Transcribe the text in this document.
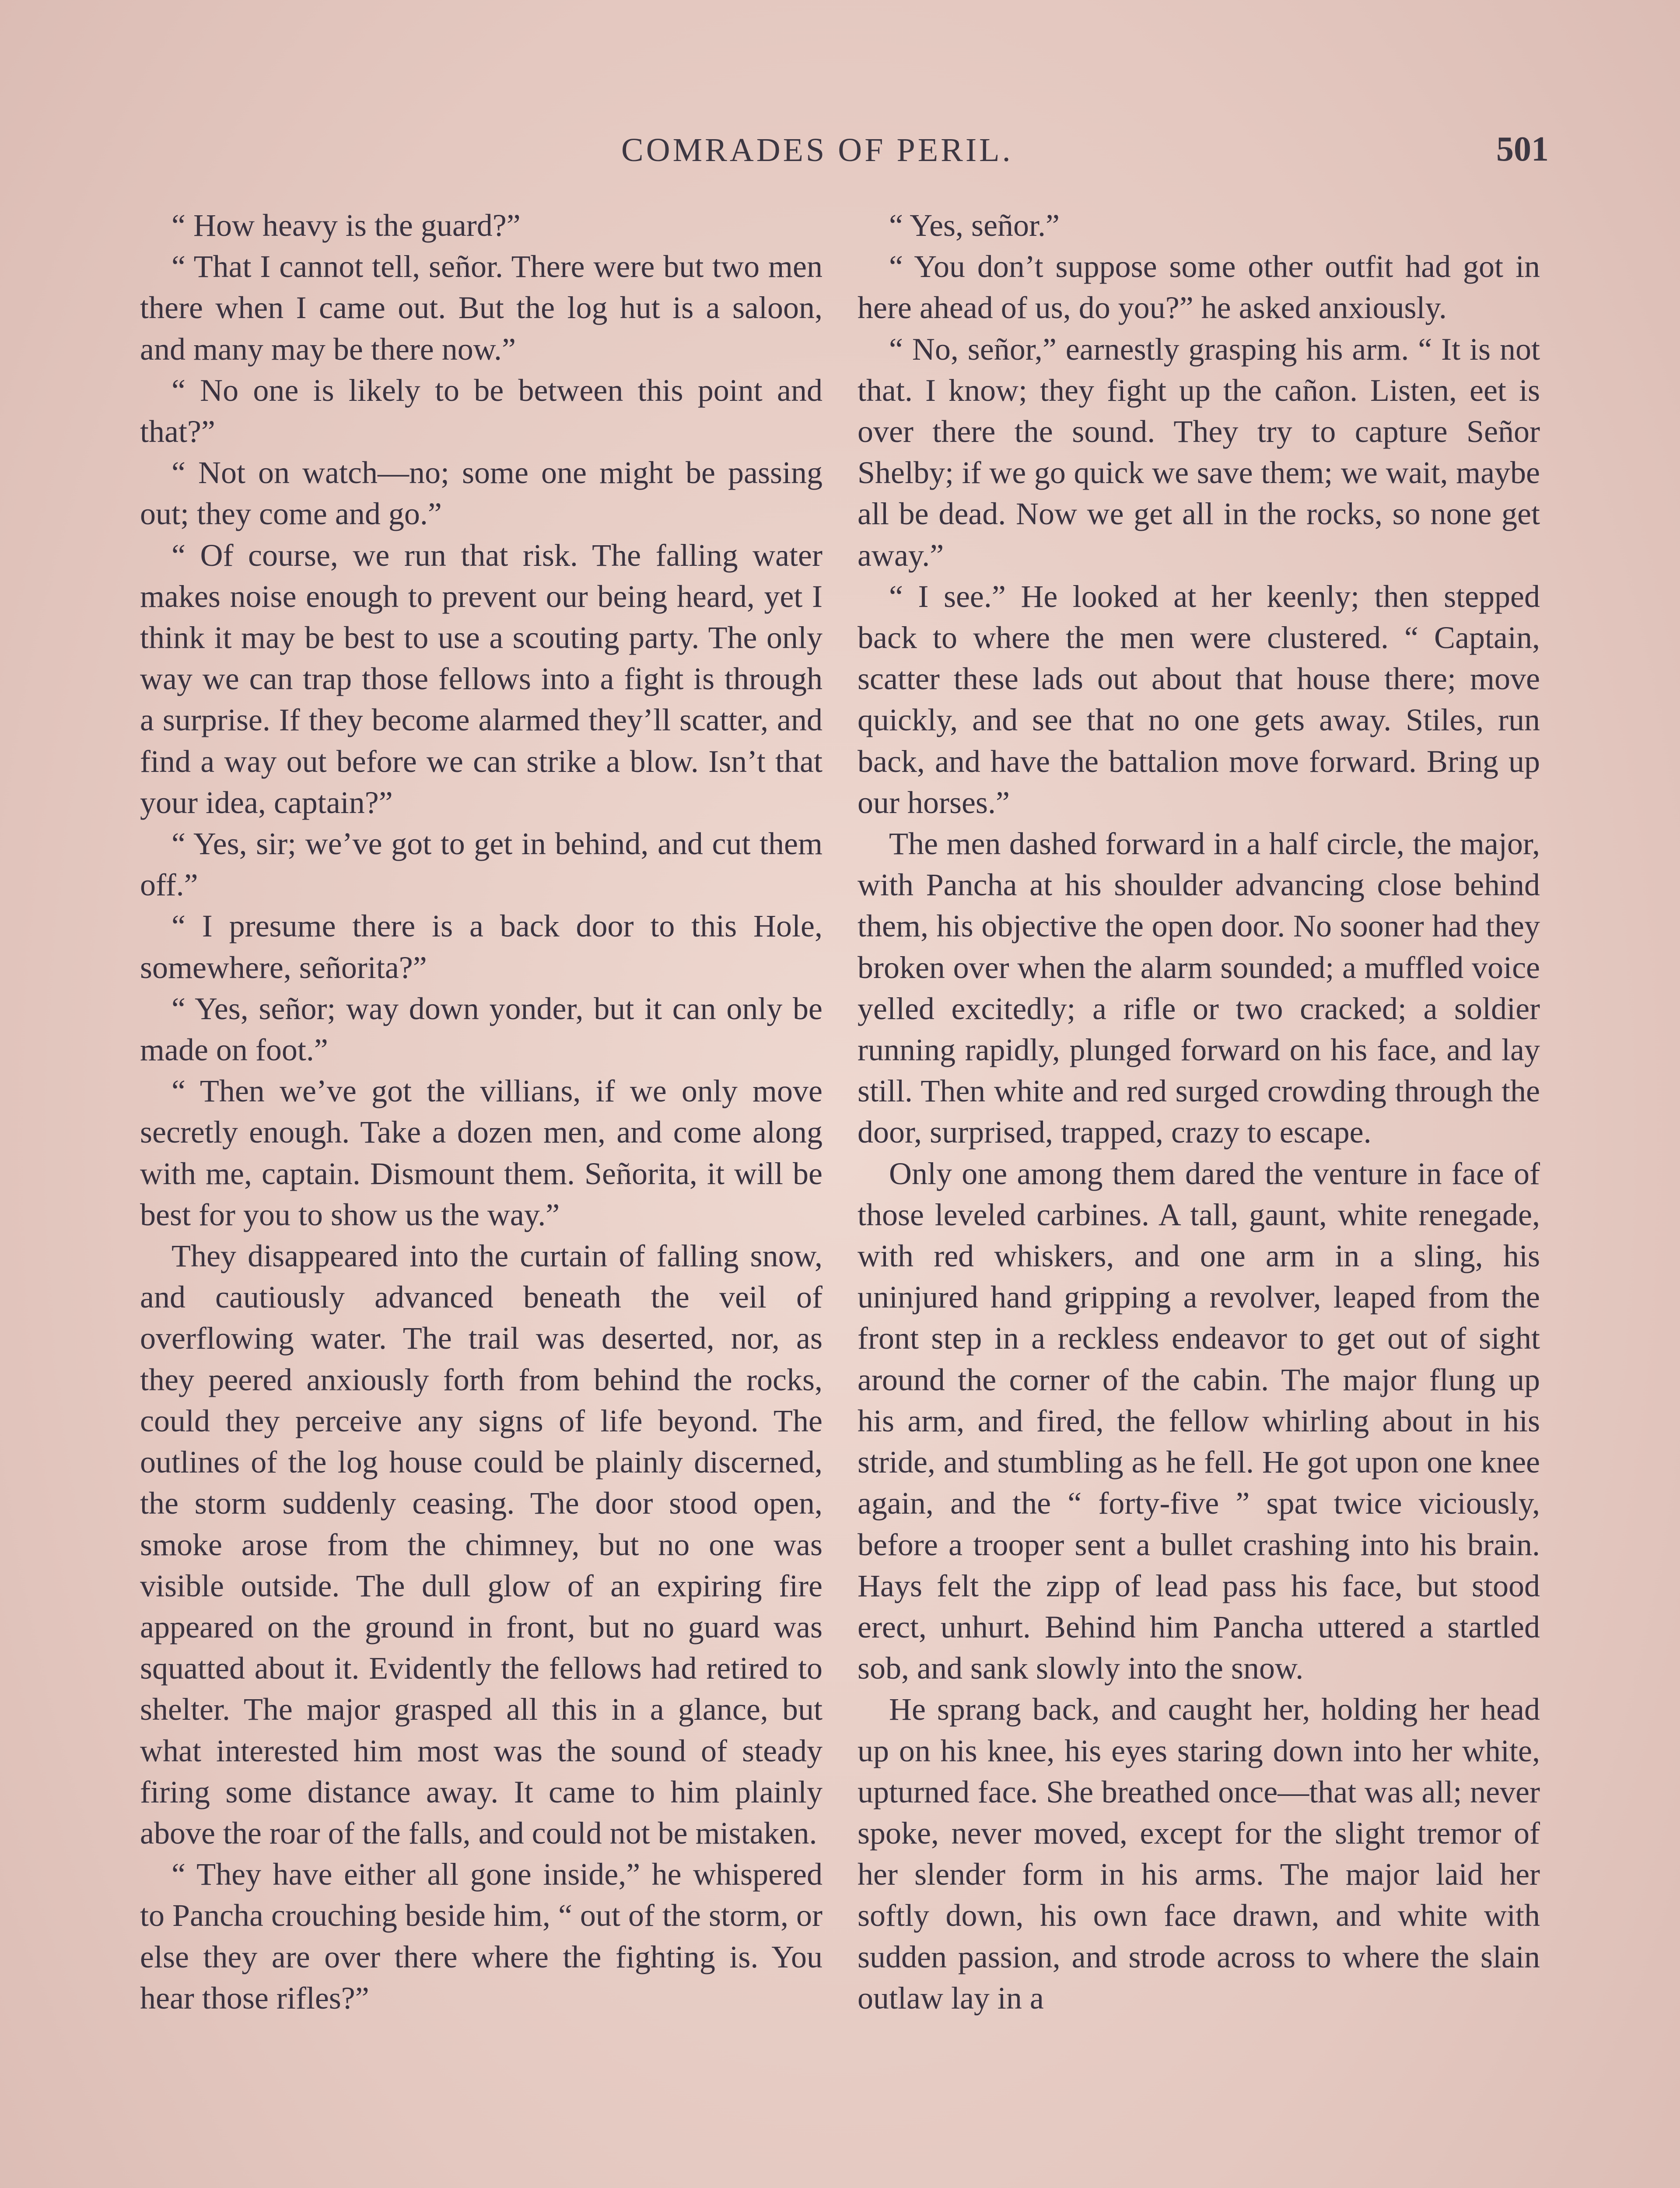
COMRADES OF PERIL.	501

“ How heavy is the guard?”

“ That I cannot tell, señor. There were but two men there when I came out. But the log hut is a saloon, and many may be there now.”

“ No one is likely to be between this point and that?”

“ Not on watch—no; some one might be passing out; they come and go.”

“ Of course, we run that risk. The falling water makes noise enough to prevent our being heard, yet I think it may be best to use a scouting party. The only way we can trap those fellows into a fight is through a surprise. If they become alarmed they’ll scatter, and find a way out before we can strike a blow. Isn’t that your idea, captain?”

“ Yes, sir; we’ve got to get in behind, and cut them off.”

“ I presume there is a back door to this Hole, somewhere, señorita?”

“ Yes, señor; way down yonder, but it can only be made on foot.”

“ Then we’ve got the villians, if we only move secretly enough. Take a dozen men, and come along with me, captain. Dismount them. Señorita, it will be best for you to show us the way.”

They disappeared into the curtain of falling snow, and cautiously advanced beneath the veil of overflowing water. The trail was deserted, nor, as they peered anxiously forth from behind the rocks, could they perceive any signs of life beyond. The outlines of the log house could be plainly discerned, the storm suddenly ceasing. The door stood open, smoke arose from the chimney, but no one was visible outside. The dull glow of an expiring fire appeared on the ground in front, but no guard was squatted about it. Evidently the fellows had retired to shelter. The major grasped all this in a glance, but what interested him most was the sound of steady firing some distance away. It came to him plainly above the roar of the falls, and could not be mistaken.

“ They have either all gone inside,” he whispered to Pancha crouching beside him, “ out of the storm, or else they are over there where the fighting is. You hear those rifles?”

“ Yes, señor.”

“ You don’t suppose some other outfit had got in here ahead of us, do you?” he asked anxiously.

“ No, señor,” earnestly grasping his arm. “ It is not that. I know; they fight up the cañon. Listen, eet is over there the sound. They try to capture Señor Shelby; if we go quick we save them; we wait, maybe all be dead. Now we get all in the rocks, so none get away.”

“ I see.” He looked at her keenly; then stepped back to where the men were clustered. “ Captain, scatter these lads out about that house there; move quickly, and see that no one gets away. Stiles, run back, and have the battalion move forward. Bring up our horses.”

The men dashed forward in a half circle, the major, with Pancha at his shoulder advancing close behind them, his objective the open door. No sooner had they broken over when the alarm sounded; a muffled voice yelled excitedly; a rifle or two cracked; a soldier running rapidly, plunged forward on his face, and lay still. Then white and red surged crowding through the door, surprised, trapped, crazy to escape.

Only one among them dared the venture in face of those leveled carbines. A tall, gaunt, white renegade, with red whiskers, and one arm in a sling, his uninjured hand gripping a revolver, leaped from the front step in a reckless endeavor to get out of sight around the corner of the cabin. The major flung up his arm, and fired, the fellow whirling about in his stride, and stumbling as he fell. He got upon one knee again, and the “ forty-five ” spat twice viciously, before a trooper sent a bullet crashing into his brain. Hays felt the zipp of lead pass his face, but stood erect, unhurt. Behind him Pancha uttered a startled sob, and sank slowly into the snow.

He sprang back, and caught her, holding her head up on his knee, his eyes staring down into her white, upturned face. She breathed once—that was all; never spoke, never moved, except for the slight tremor of her slender form in his arms. The major laid her softly down, his own face drawn, and white with sudden passion, and strode across to where the slain outlaw lay in a
